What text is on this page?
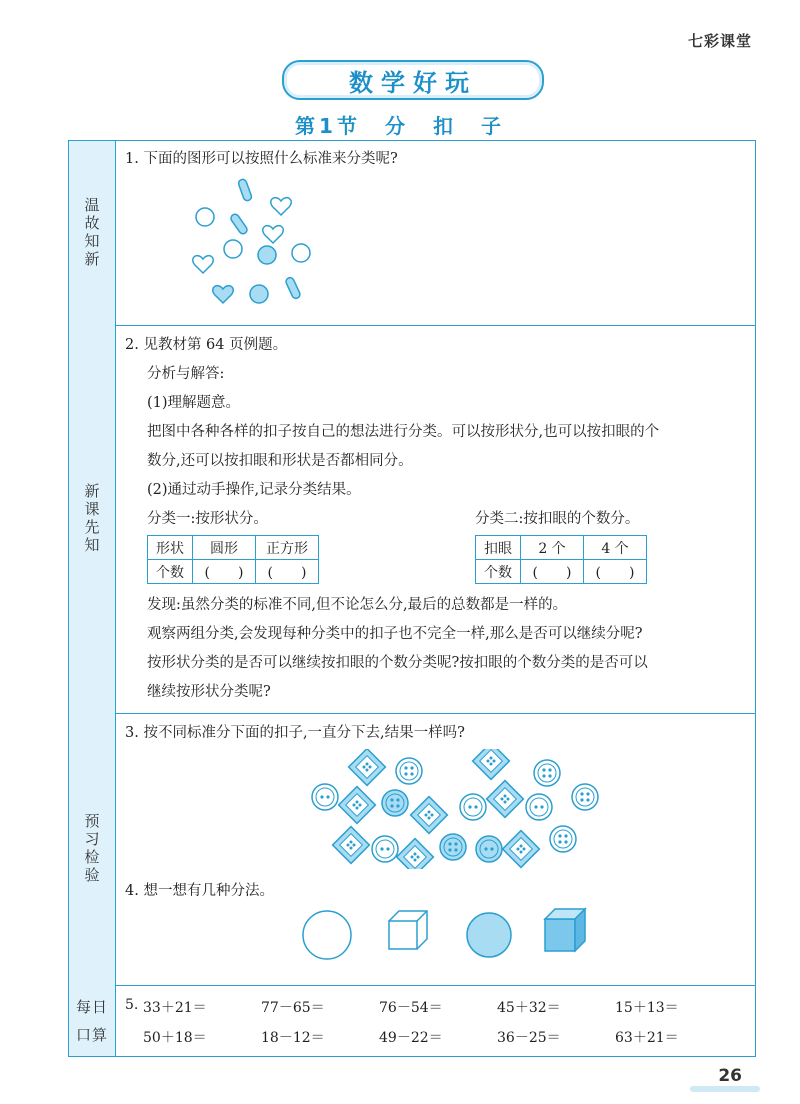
七彩课堂
数学好玩
第1节　分　扣　子
温故知新
1. 下面的图形可以按照什么标准来分类呢?
新课先知
2. 见教材第 64 页例题。
分析与解答:
(1)理解题意。
把图中各种各样的扣子按自己的想法进行分类。可以按形状分,也可以按扣眼的个
数分,还可以按扣眼和形状是否都相同分。
(2)通过动手操作,记录分类结果。
分类一:按形状分。	分类二:按扣眼的个数分。
形状	圆形	正方形
个数	(　　)	(　　)
扣眼	2 个	4 个
个数	(　　)	(　　)
发现:虽然分类的标准不同,但不论怎么分,最后的总数都是一样的。
观察两组分类,会发现每种分类中的扣子也不完全一样,那么是否可以继续分呢?
按形状分类的是否可以继续按扣眼的个数分类呢?按扣眼的个数分类的是否可以
继续按形状分类呢?
预习检验
3. 按不同标准分下面的扣子,一直分下去,结果一样吗?
4. 想一想有几种分法。
每日
口算
5. 33＋21＝	77－65＝	76－54＝	45＋32＝	15＋13＝
50＋18＝	18－12＝	49－22＝	36－25＝	63＋21＝
26
